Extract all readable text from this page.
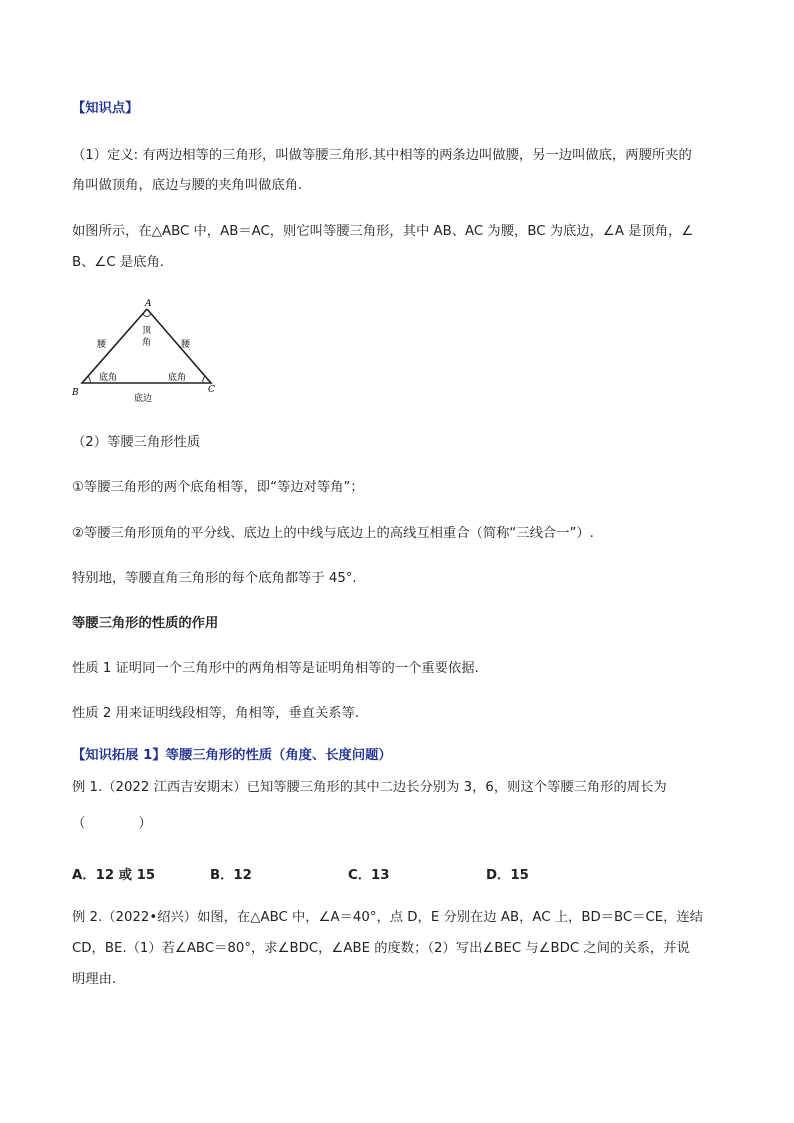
【知识点】
（1）定义: 有两边相等的三角形，叫做等腰三角形.其中相等的两条边叫做腰，另一边叫做底，两腰所夹的
角叫做顶角，底边与腰的夹角叫做底角.
如图所示，在△ABC 中，AB＝AC，则它叫等腰三角形，其中 AB、AC 为腰，BC 为底边，∠A 是顶角，∠
B、∠C 是底角.
A
B	C
顶
角
腰	腰
底角	底角
底边
（2）等腰三角形性质
①等腰三角形的两个底角相等，即“等边对等角”；
②等腰三角形顶角的平分线、底边上的中线与底边上的高线互相重合（简称“三线合一”）.
特别地，等腰直角三角形的每个底角都等于 45°.
等腰三角形的性质的作用
性质 1 证明同一个三角形中的两角相等是证明角相等的一个重要依据.
性质 2 用来证明线段相等，角相等，垂直关系等.
【知识拓展 1】等腰三角形的性质（角度、长度问题）
例 1.（2022 江西吉安期末）已知等腰三角形的其中二边长分别为 3，6，则这个等腰三角形的周长为
（　　　　）
A．12 或 15	B．12	C．13	D．15
例 2.（2022•绍兴）如图，在△ABC 中，∠A＝40°，点 D，E 分别在边 AB，AC 上，BD＝BC＝CE，连结
CD，BE.（1）若∠ABC＝80°，求∠BDC，∠ABE 的度数；（2）写出∠BEC 与∠BDC 之间的关系，并说
明理由.
